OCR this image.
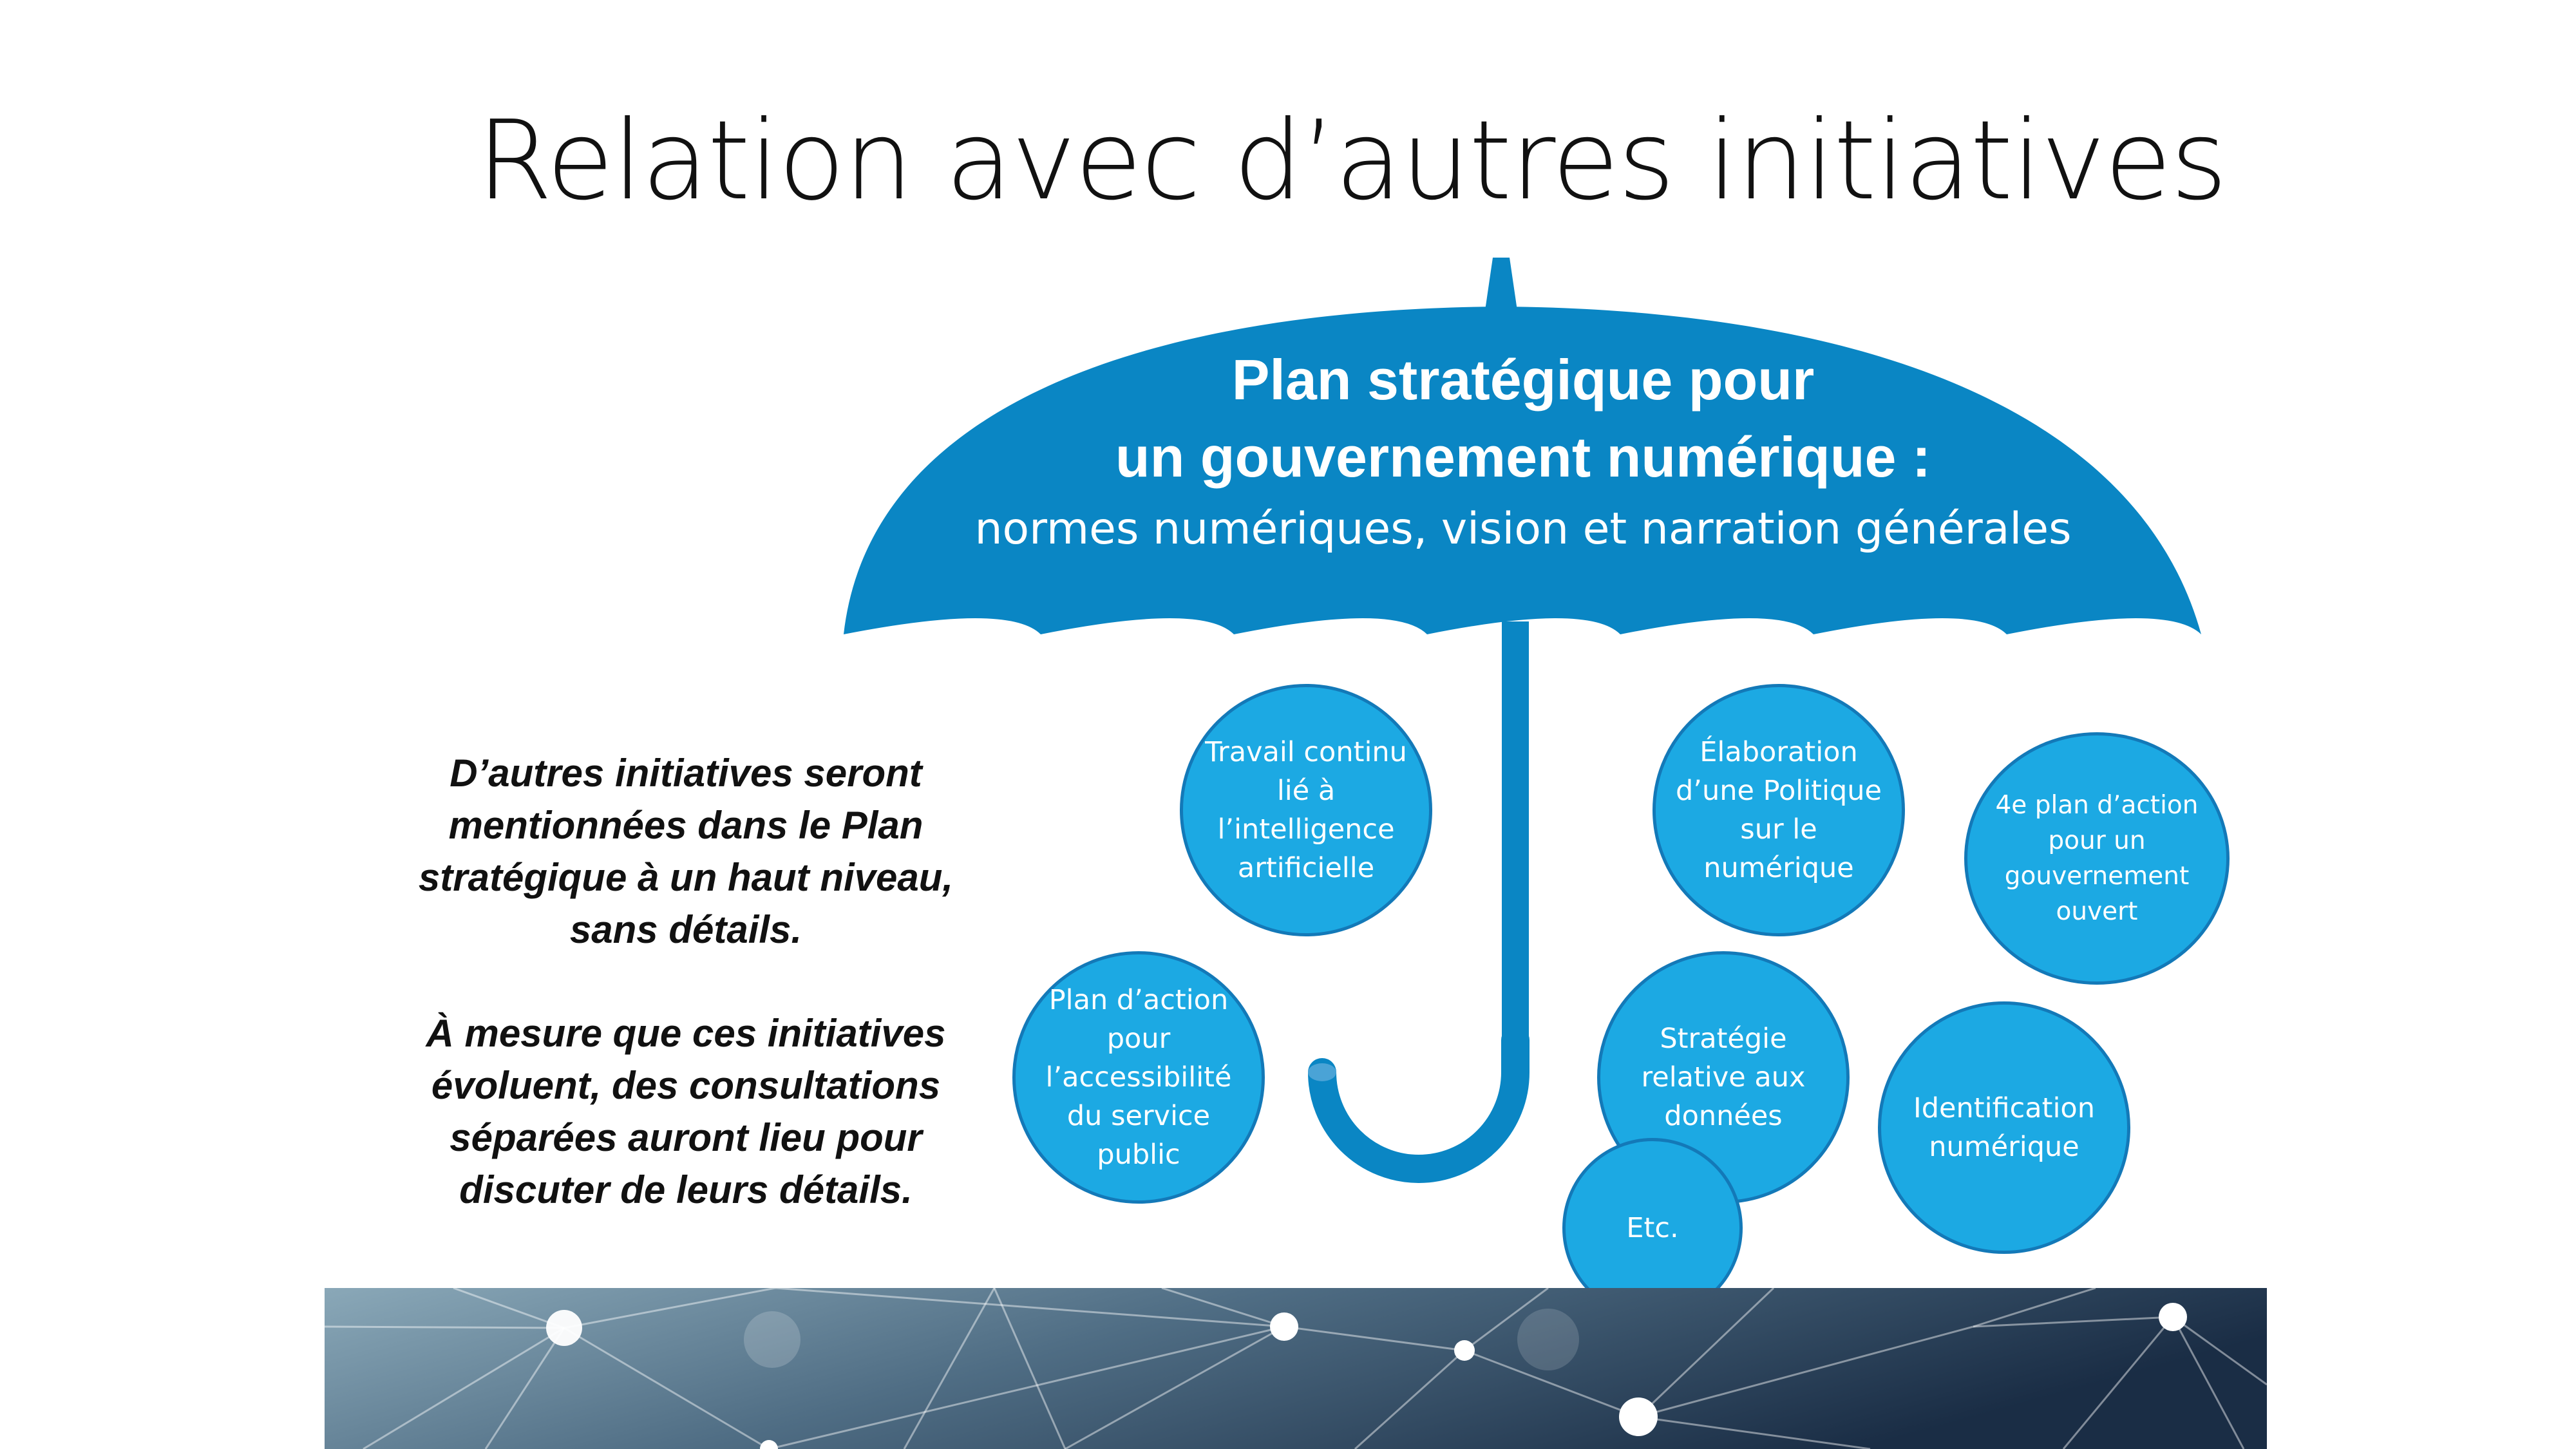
Relation avec d’autres initiatives
Plan stratégique pour
un gouvernement numérique :
normes numériques, vision et narration générales

D’autres initiatives seront mentionnées dans le Plan stratégique à un haut niveau, sans détails.

À mesure que ces initiatives évoluent, des consultations séparées auront lieu pour discuter de leurs détails.

Travail continu lié à l’intelligence artificielle
Élaboration d’une Politique sur le numérique
4e plan d’action pour un gouvernement ouvert
Plan d’action pour l’accessibilité du service public
Stratégie relative aux données	Identification numérique
Etc.
